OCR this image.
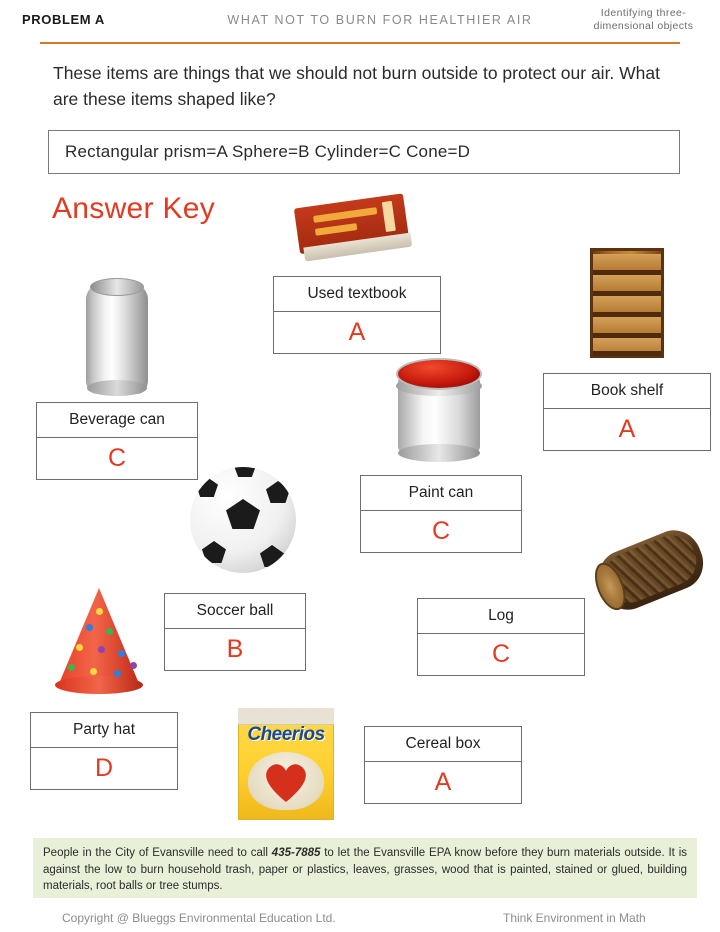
PROBLEM A	WHAT NOT TO BURN FOR HEALTHIER AIR	Identifying three-dimensional objects
These items are things that we should not burn outside to protect our air. What are these items shaped like?
Rectangular prism=A Sphere=B Cylinder=C Cone=D
Answer Key
Cheerios
Used textbook
A
Book shelf
A
Beverage can
C
Paint can
C
Soccer ball
B
Log
C
Party hat
D
Cereal box
A
People in the City of Evansville need to call 435-7885 to let the Evansville EPA know before they burn materials outside. It is against the low to burn household trash, paper or plastics, leaves, grasses, wood that is painted, stained or glued, building materials, root balls or tree stumps.
Copyright @ Blueggs Environmental Education Ltd.	Think Environment in Math
